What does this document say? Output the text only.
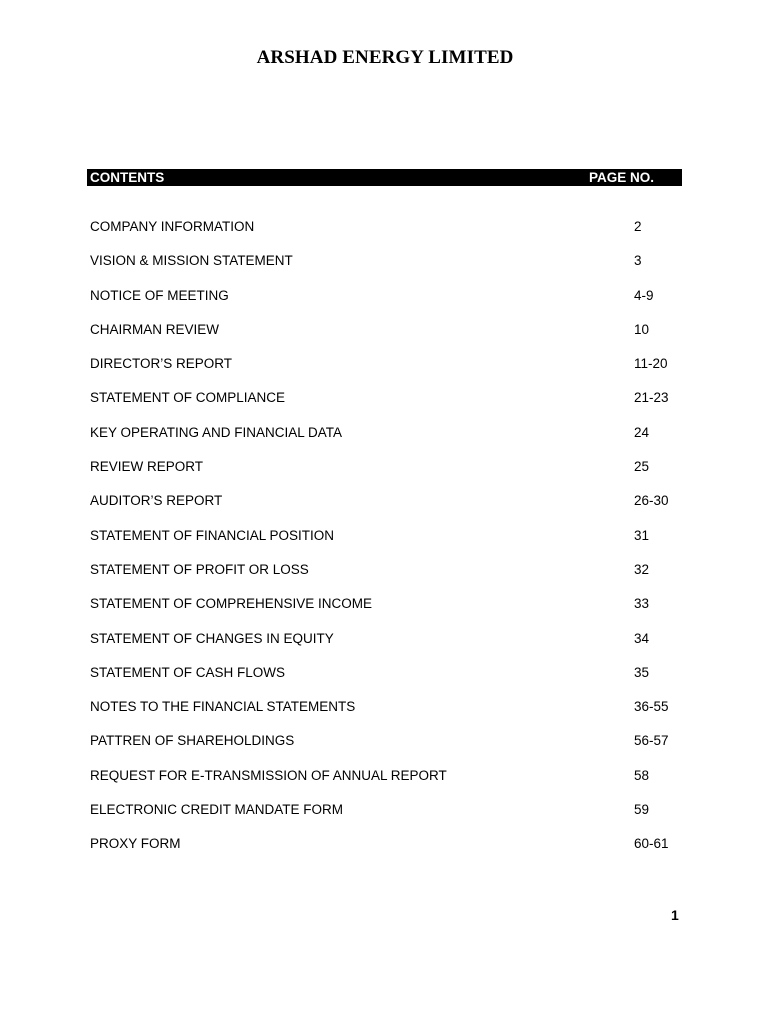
ARSHAD ENERGY LIMITED
CONTENTS	PAGE NO.
COMPANY INFORMATION	2
VISION & MISSION STATEMENT	3
NOTICE OF MEETING	4-9
CHAIRMAN REVIEW	10
DIRECTOR’S REPORT	11-20
STATEMENT OF COMPLIANCE	21-23
KEY OPERATING AND FINANCIAL DATA	24
REVIEW REPORT	25
AUDITOR’S REPORT	26-30
STATEMENT OF FINANCIAL POSITION	31
STATEMENT OF PROFIT OR LOSS	32
STATEMENT OF COMPREHENSIVE INCOME	33
STATEMENT OF CHANGES IN EQUITY	34
STATEMENT OF CASH FLOWS	35
NOTES TO THE FINANCIAL STATEMENTS	36-55
PATTREN OF SHAREHOLDINGS	56-57
REQUEST FOR E-TRANSMISSION OF ANNUAL REPORT	58
ELECTRONIC CREDIT MANDATE FORM	59
PROXY FORM	60-61
1
